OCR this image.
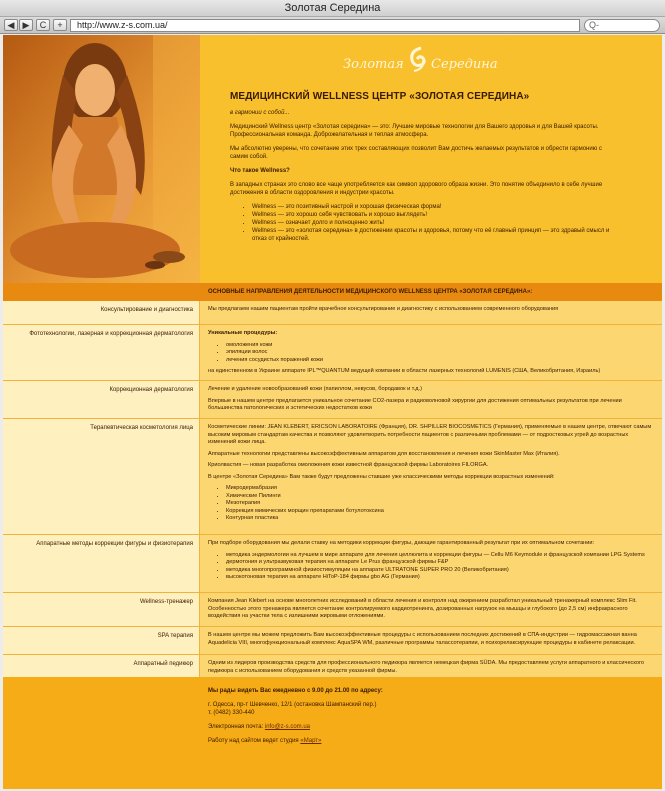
Золотая Середина
◀ ▶	C	+	http://www.z-s.com.ua/	Q-
Золотая Середина
МЕДИЦИНСКИЙ WELLNESS ЦЕНТР «ЗОЛОТАЯ СЕРЕДИНА»

в гармонии с собой...

Медицинский Wellness центр «Золотая середина» — это: Лучшие мировые технологии для Вашего здоровья и для Вашей красоты. Профессиональная команда. Доброжелательная и теплая атмосфера.

Мы абсолютно уверены, что сочетание этих трех составляющих позволит Вам достичь желаемых результатов и обрести гармонию с самим собой.

Что такое Wellness?

В западных странах это слово все чаще употребляется как символ здорового образа жизни. Это понятие объединило в себе лучшие достижения в области оздоровления и индустрии красоты.

• Wellness — это позитивный настрой и хорошая физическая форма!
• Wellness — это хорошо себя чувствовать и хорошо выглядеть!
• Wellness — означает долго и полноценно жить!
• Wellness — это «золотая середина» в достижении красоты и здоровья, потому что её главный принцип — это здравый смысл и отказ от крайностей.
ОСНОВНЫЕ НАПРАВЛЕНИЯ ДЕЯТЕЛЬНОСТИ МЕДИЦИНСКОГО WELLNESS ЦЕНТРА «ЗОЛОТАЯ СЕРЕДИНА»:
Консультирование и диагностика	Мы предлагаем нашим пациентам пройти врачебное консультирование и диагностику с использованием современного оборудования

Фототехнологии, лазерная и коррекционная дерматология	Уникальные процедуры:

• омоложения кожи
• эпиляции волос
• лечения сосудистых поражений кожи

на единственном в Украине аппарате IPL™QUANTUM ведущей компании в области лазерных технологий LUMENIS (США, Великобритания, Израиль)

Коррекционная дерматология	Лечение и удаление новообразований кожи (папиллом, невусов, бородавок и т.д.)

Впервые в нашем центре предлагается уникальное сочетание CO2-лазера и радиоволновой хирургии для достижения оптимальных результатов при лечении большинства патологических и эстетических недостатков кожи

Терапевтическая косметология лица	Косметические линии: JEAN KLEBERT, ERICSON LABORATOIRE (Франция), DR. SHPILLER BIOCOSMETICS (Германия), применяемые в нашем центре, отвечают самым высоким мировым стандартам качества и позволяют удовлетворить потребности пациентов с различными проблемами — от подростковых угрей до возрастных изменений кожи лица.

Аппаратные технологии представлены высокоэффективным аппаратом для восстановления и лечения кожи SkinMaster Max (Италия).

Криолвастия — новая разработка омоложения кожи известной французской фирмы Laboratoires FILORGA.

В центре «Золотая Середина» Вам также будут предложены ставшие уже классическими методы коррекции возрастных изменений:

• Микродермабразия
• Химические Пилинги
• Мезотерапия
• Коррекция мимических морщин препаратами ботулотоксина
• Контурная пластика
Аппаратные методы коррекции фигуры и физиотерапия	При подборе оборудования мы делали ставку на методики коррекции фигуры, дающие гарантированный результат при их оптимальном сочетании:

• методика эндермологии на лучшем в мире аппарате для лечения целлюлита и коррекции фигуры — Cellu M6 Keymodule и французской компании LPG Systems
• дермотония и ультразвуковая терапия на аппарате Le Prus французской фирмы F&P
• методика многопрограммной физиостимуляции на аппарате ULTRATONE SUPER PRO 20 (Великобритания)
• высокотоновая терапия на аппарате HiToP-184 фирмы gbo AG (Германия)
Wellness-тренажер	Компания Jean Klebert на основе многолетних исследований в области лечения и контроля над ожирением разработал уникальный тренажерный комплекс Slim Fit. Особенностью этого тренажера является сочетание контролируемого кардиотренинга, дозированных нагрузок на мышцы и глубокого (до 2,5 см) инфракрасного воздействия на участки тела с излишними жировыми отложениями.

SPA терапия	В нашем центре мы можем предложить Вам высокоэффективные процедуры с использованием последних достижений в СПА-индустрии — гидромассажная ванна Aquadelicia VIII, многофункциональный комплекс AquaSPA WM, различные программы талассотерапии, и психорелаксирующие процедуры в кабинете релаксации.

Аппаратный педикюр	Одним из лидеров производства средств для профессионального педикюра является немецкая фирма SÜDA. Мы предоставляем услуги аппаратного и классического педикюра с использованием оборудования и средств указанной фирмы.

Мы рады видеть Вас ежедневно с 9.00 до 21.00 по адресу:

г. Одесса, пр-т Шевченко, 12/1 (остановка Шампанский пер.)
т. (0482) 330-440

Электронная почта: info@z-s.com.ua

Работу над сайтом ведет студия «Март»
